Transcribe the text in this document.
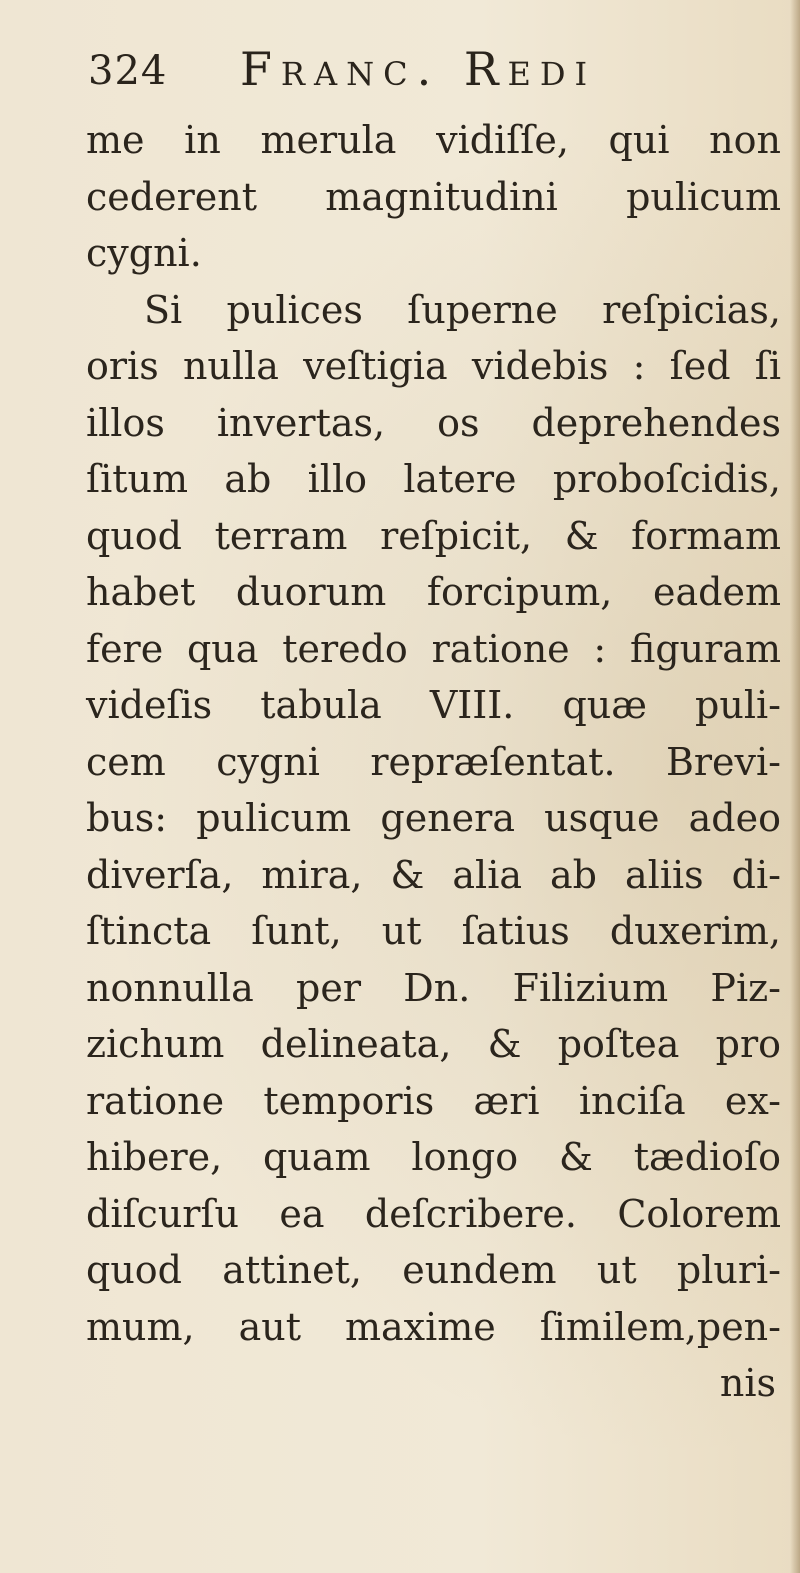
324 Franc. Redi
me in merula vidiſſe, qui non
cederent magnitudini pulicum
cygni.
Si pulices ſuperne reſpicias,
oris nulla veſtigia videbis : ſed ſi
illos invertas, os deprehendes
ſitum ab illo latere proboſcidis,
quod terram reſpicit, & formam
habet duorum forcipum, eadem
fere qua teredo ratione : figuram
videſis tabula VIII. quæ puli-
cem cygni repræſentat. Brevi-
bus: pulicum genera usque adeo
diverſa, mira, & alia ab aliis di-
ſtincta ſunt, ut ſatius duxerim,
nonnulla per Dn. Filizium Piz-
zichum delineata, & poſtea pro
ratione temporis æri inciſa ex-
hibere, quam longo & tædioſo
diſcurſu ea deſcribere. Colorem
quod attinet, eundem ut pluri-
mum, aut maxime ſimilem,pen-
nis
